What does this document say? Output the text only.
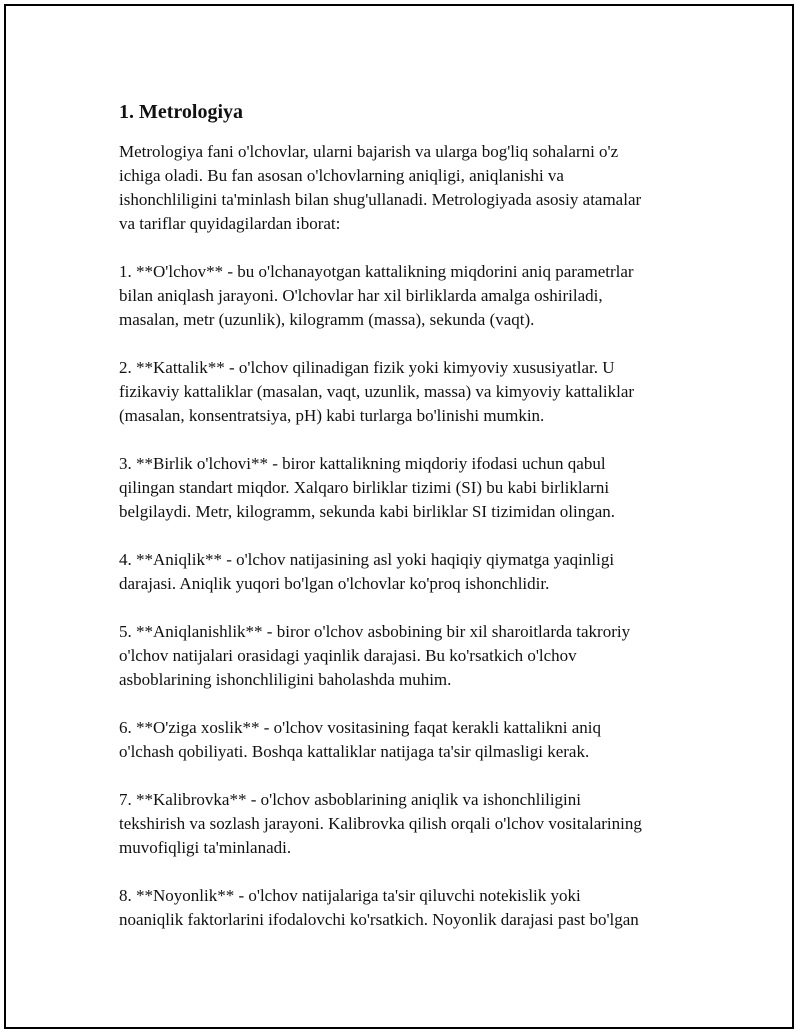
1. Metrologiya

Metrologiya fani o'lchovlar, ularni bajarish va ularga bog'liq sohalarni o'z
ichiga oladi. Bu fan asosan o'lchovlarning aniqligi, aniqlanishi va
ishonchliligini ta'minlash bilan shug'ullanadi. Metrologiyada asosiy atamalar
va tariflar quyidagilardan iborat:

1. **O'lchov** - bu o'lchanayotgan kattalikning miqdorini aniq parametrlar
bilan aniqlash jarayoni. O'lchovlar har xil birliklarda amalga oshiriladi,
masalan, metr (uzunlik), kilogramm (massa), sekunda (vaqt).

2. **Kattalik** - o'lchov qilinadigan fizik yoki kimyoviy xususiyatlar. U
fizikaviy kattaliklar (masalan, vaqt, uzunlik, massa) va kimyoviy kattaliklar
(masalan, konsentratsiya, pH) kabi turlarga bo'linishi mumkin.

3. **Birlik o'lchovi** - biror kattalikning miqdoriy ifodasi uchun qabul
qilingan standart miqdor. Xalqaro birliklar tizimi (SI) bu kabi birliklarni
belgilaydi. Metr, kilogramm, sekunda kabi birliklar SI tizimidan olingan.

4. **Aniqlik** - o'lchov natijasining asl yoki haqiqiy qiymatga yaqinligi
darajasi. Aniqlik yuqori bo'lgan o'lchovlar ko'proq ishonchlidir.

5. **Aniqlanishlik** - biror o'lchov asbobining bir xil sharoitlarda takroriy
o'lchov natijalari orasidagi yaqinlik darajasi. Bu ko'rsatkich o'lchov
asboblarining ishonchliligini baholashda muhim.

6. **O'ziga xoslik** - o'lchov vositasining faqat kerakli kattalikni aniq
o'lchash qobiliyati. Boshqa kattaliklar natijaga ta'sir qilmasligi kerak.

7. **Kalibrovka** - o'lchov asboblarining aniqlik va ishonchliligini
tekshirish va sozlash jarayoni. Kalibrovka qilish orqali o'lchov vositalarining
muvofiqligi ta'minlanadi.

8. **Noyonlik** - o'lchov natijalariga ta'sir qiluvchi notekislik yoki
noaniqlik faktorlarini ifodalovchi ko'rsatkich. Noyonlik darajasi past bo'lgan
